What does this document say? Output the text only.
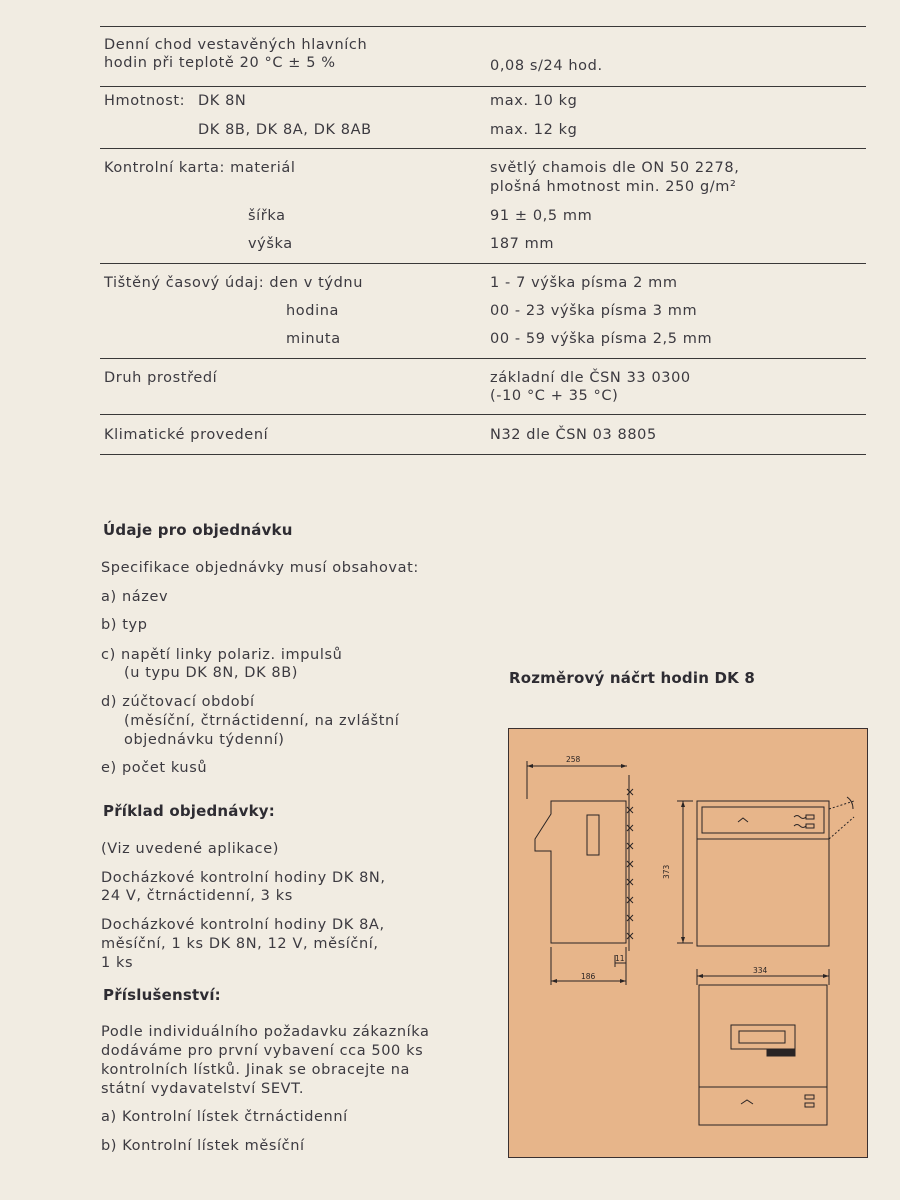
Denní chod vestavěných hlavních
hodin při teplotě 20 °C ± 5 %	0,08 s/24 hod.
Hmotnost: DK 8N	max. 10 kg
DK 8B, DK 8A, DK 8AB	max. 12 kg
Kontrolní karta: materiál	světlý chamois dle ON 50 2278,
plošná hmotnost min. 250 g/m²
šířka	91 ± 0,5 mm
výška	187 mm
Tištěný časový údaj: den v týdnu	1 - 7 výška písma 2 mm
hodina	00 - 23 výška písma 3 mm
minuta	00 - 59 výška písma 2,5 mm
Druh prostředí	základní dle ČSN 33 0300
(-10 °C + 35 °C)
Klimatické provedení	N32 dle ČSN 03 8805
Údaje pro objednávku
Specifikace objednávky musí obsahovat:
a) název
b) typ
c) napětí linky polariz. impulsů
(u typu DK 8N, DK 8B)
d) zúčtovací období
(měsíční, čtrnáctidenní, na zvláštní
objednávku týdenní)
e) počet kusů
Příklad objednávky:
(Viz uvedené aplikace)
Docházkové kontrolní hodiny DK 8N,
24 V, čtrnáctidenní, 3 ks
Docházkové kontrolní hodiny DK 8A,
měsíční, 1 ks DK 8N, 12 V, měsíční,
1 ks
Příslušenství:
Podle individuálního požadavku zákazníka
dodáváme pro první vybavení cca 500 ks
kontrolních lístků. Jinak se obracejte na
státní vydavatelství SEVT.
a) Kontrolní lístek čtrnáctidenní
b) Kontrolní lístek měsíční
Rozměrový náčrt hodin DK 8
258
373
186
11
334
